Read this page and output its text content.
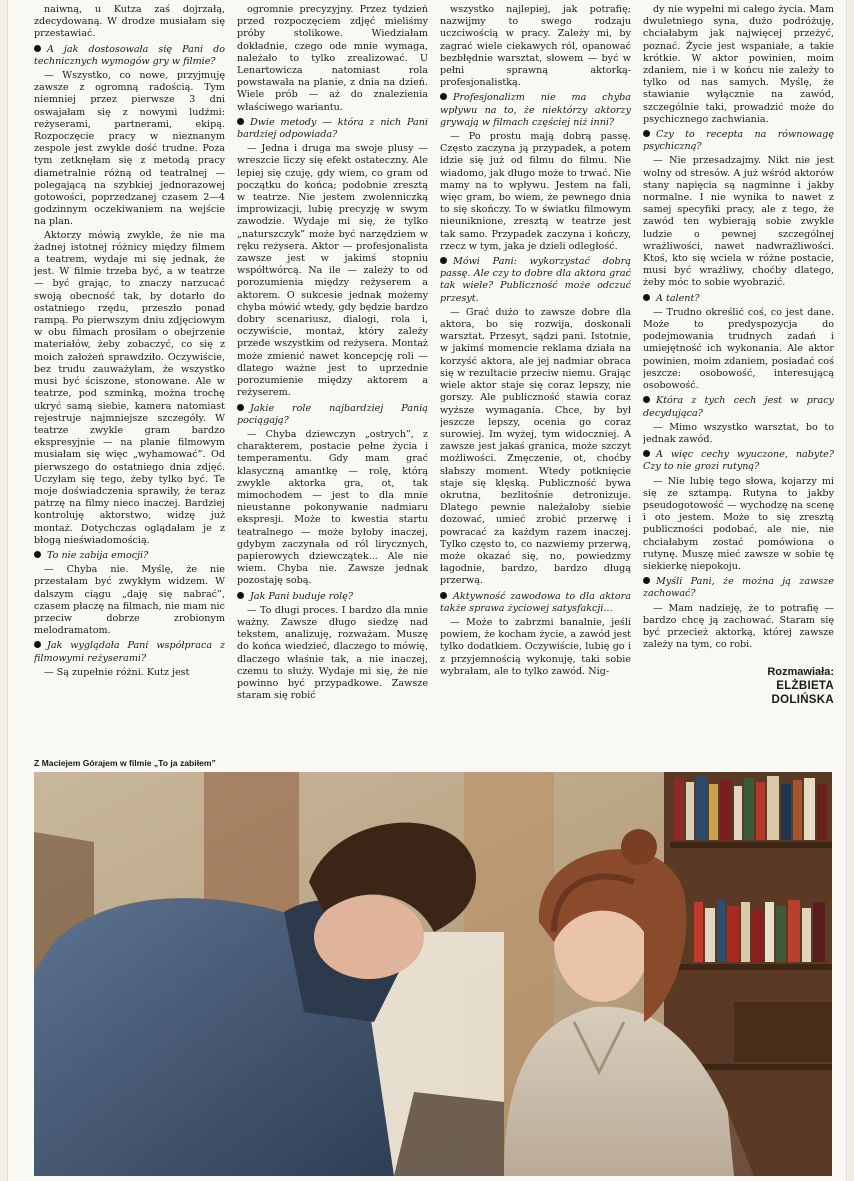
naiwną, u Kutza zaś dojrzałą, zdecydowaną. W drodze musiałam się przestawiać.

A jak dostosowała się Pani do technicznych wymogów gry w filmie?

— Wszystko, co nowe, przyjmuję zawsze z ogromną radością. Tym niemniej przez pierwsze 3 dni oswajałam się z nowymi ludźmi: reżyserami, partnerami, ekipą. Rozpoczęcie pracy w nieznanym zespole jest zwykle dość trudne. Poza tym zetknęłam się z metodą pracy diametralnie różną od teatralnej — polegającą na szybkiej jednorazowej gotowości, poprzedzanej czasem 2—4 godzinnym oczekiwaniem na wejście na plan.

Aktorzy mówią zwykle, że nie ma żadnej istotnej różnicy między filmem a teatrem, wydaje mi się jednak, że jest. W filmie trzeba być, a w teatrze — być grając, to znaczy narzucać swoją obecność tak, by dotarło do ostatniego rzędu, przeszło ponad rampą. Po pierwszym dniu zdjęciowym w obu filmach prosiłam o obejrzenie materiałów, żeby zobaczyć, co się z moich założeń sprawdziło. Oczywiście, bez trudu zauważyłam, że wszystko musi być ściszone, stonowane. Ale w teatrze, pod szminką, można trochę ukryć samą siebie, kamera natomiast rejestruje najmniejsze szczegóły. W teatrze zwykle gram bardzo ekspresyjnie — na planie filmowym musiałam się więc „wyhamować”. Od pierwszego do ostatniego dnia zdjęć. Uczyłam się tego, żeby tylko być. Te moje doświadczenia sprawiły, że teraz patrzę na filmy nieco inaczej. Bardziej kontroluję aktorstwo, widzę już montaż. Dotychczas oglądałam je z błogą nieświadomością.

To nie zabija emocji?

— Chyba nie. Myślę, że nie przestałam być zwykłym widzem. W dalszym ciągu „daję się nabrać”, czasem płaczę na filmach, nie mam nic przeciw dobrze zrobionym melodramatom.

Jak wyglądała Pani współpraca z filmowymi reżyserami?

— Są zupełnie różni. Kutz jest

ogromnie precyzyjny. Przez tydzień przed rozpoczęciem zdjęć mieliśmy próby stolikowe. Wiedziałam dokładnie, czego ode mnie wymaga, należało to tylko zrealizować. U Lenartowicza natomiast rola powstawała na planie, z dnia na dzień. Wiele prób — aż do znalezienia właściwego wariantu.

Dwie metody — która z nich Pani bardziej odpowiada?

— Jedna i druga ma swoje plusy — wreszcie liczy się efekt ostateczny. Ale lepiej się czuję, gdy wiem, co gram od początku do końca; podobnie zresztą w teatrze. Nie jestem zwolenniczką improwizacji, lubię precyzję w swym zawodzie. Wydaje mi się, że tylko „naturszczyk” może być narzędziem w ręku reżysera. Aktor — profesjonalista zawsze jest w jakimś stopniu współtwórcą. Na ile — zależy to od porozumienia między reżyserem a aktorem. O sukcesie jednak możemy chyba mówić wtedy, gdy będzie bardzo dobry scenariusz, dialogi, rola i, oczywiście, montaż, który zależy przede wszystkim od reżysera. Montaż może zmienić nawet koncepcję roli — dlatego ważne jest to uprzednie porozumienie między aktorem a reżyserem.

Jakie role najbardziej Panią pociągają?

— Chyba dziewczyn „ostrych”, z charakterem, postacie pełne życia i temperamentu. Gdy mam grać klasyczną amantkę — rolę, którą zwykle aktorka gra, ot, tak mimochodem — jest to dla mnie nieustanne pokonywanie nadmiaru ekspresji. Może to kwestia startu teatralnego — może byłoby inaczej, gdybym zaczynała od ról lirycznych, papierowych dziewczątek... Ale nie wiem. Chyba nie. Zawsze jednak pozostaję sobą.

Jak Pani buduje rolę?

— To długi proces. I bardzo dla mnie ważny. Zawsze długo siedzę nad tekstem, analizuję, rozważam. Muszę do końca wiedzieć, dlaczego to mówię, dlaczego właśnie tak, a nie inaczej, czemu to służy. Wydaje mi się, że nie powinno być przypadkowe. Zawsze staram się robić

wszystko najlepiej, jak potrafię; nazwijmy to swego rodzaju uczciwością w pracy. Zależy mi, by zagrać wiele ciekawych ról, opanować bezbłędnie warsztat, słowem — być w pełni sprawną aktorką-profesjonalistką.

Profesjonalizm nie ma chyba wpływu na to, że niektórzy aktorzy grywają w filmach częściej niż inni?

— Po prostu mają dobrą passę. Często zaczyna ją przypadek, a potem idzie się już od filmu do filmu. Nie wiadomo, jak długo może to trwać. Nie mamy na to wpływu. Jestem na fali, więc gram, bo wiem, że pewnego dnia to się skończy. To w światku filmowym nieuniknione, zresztą w teatrze jest tak samo. Przypadek zaczyna i kończy, rzecz w tym, jaka je dzieli odległość.

Mówi Pani: wykorzystać dobrą passę. Ale czy to dobre dla aktora grać tak wiele? Publiczność może odczuć przesyt.

— Grać dużo to zawsze dobre dla aktora, bo się rozwija, doskonali warsztat. Przesyt, sądzi pani. Istotnie, w jakimś momencie reklama działa na korzyść aktora, ale jej nadmiar obraca się w rezultacie przeciw niemu. Grając wiele aktor staje się coraz lepszy, nie gorszy. Ale publiczność stawia coraz wyższe wymagania. Chce, by był jeszcze lepszy, ocenia go coraz surowiej. Im wyżej, tym widoczniej. A zawsze jest jakaś granica, może szczyt możliwości. Zmęczenie, ot, choćby słabszy moment. Wtedy potknięcie staje się klęską. Publiczność bywa okrutna, bezlitośnie detronizuje. Dlatego pewnie należałoby siebie dozować, umieć zrobić przerwę i powracać za każdym razem inaczej. Tylko często to, co nazwiemy przerwą, może okazać się, no, powiedzmy łagodnie, bardzo, bardzo długą przerwą.

Aktywność zawodowa to dla aktora także sprawa życiowej satysfakcji...

— Może to zabrzmi banalnie, jeśli powiem, że kocham życie, a zawód jest tylko dodatkiem. Oczywiście, lubię go i z przyjemnością wykonuję, taki sobie wybrałam, ale to tylko zawód. Nig-

dy nie wypełni mi całego życia. Mam dwuletniego syna, dużo podróżuję, chciałabym jak najwięcej przeżyć, poznać. Życie jest wspaniałe, a takie krótkie. W aktor powinien, moim zdaniem, nie i w końcu nie zależy to tylko od nas samych. Myślę, że stawianie wyłącznie na zawód, szczególnie taki, prowadzić może do psychicznego zachwiania.

Czy to recepta na równowagę psychiczną?

— Nie przesadzajmy. Nikt nie jest wolny od stresów. A już wśród aktorów stany napięcia są nagminne i jakby normalne. I nie wynika to nawet z samej specyfiki pracy, ale z tego, że zawód ten wybierają sobie zwykle ludzie o pewnej szczególnej wrażliwości, nawet nadwrażliwości. Ktoś, kto się wciela w różne postacie, musi być wrażliwy, choćby dlatego, żeby móc to sobie wyobrazić.

A talent?

— Trudno określić coś, co jest dane. Może to predyspozycja do podejmowania trudnych zadań i umiejętność ich wykonania. Ale aktor powinien, moim zdaniem, posiadać coś jeszcze: osobowość, interesującą osobowość.

Która z tych cech jest w pracy decydująca?

— Mimo wszystko warsztat, bo to jednak zawód.

A więc cechy wyuczone, nabyte? Czy to nie grozi rutyną?

— Nie lubię tego słowa, kojarzy mi się ze sztampą. Rutyna to jakby pseudogotowość — wychodzę na scenę i oto jestem. Może to się zresztą publiczności podobać, ale nie, nie chciałabym zostać pomówiona o rutynę. Muszę mieć zawsze w sobie tę siekierkę niepokoju.

Myśli Pani, że można ją zawsze zachować?

— Mam nadzieję, że to potrafię — bardzo chcę ją zachować. Staram się być przecież aktorką, której zawsze zależy na tym, co robi.

Rozmawiała:
ELŻBIETA
DOLIŃSKA
Z Maciejem Górajem w filmie „To ja zabiłem”
